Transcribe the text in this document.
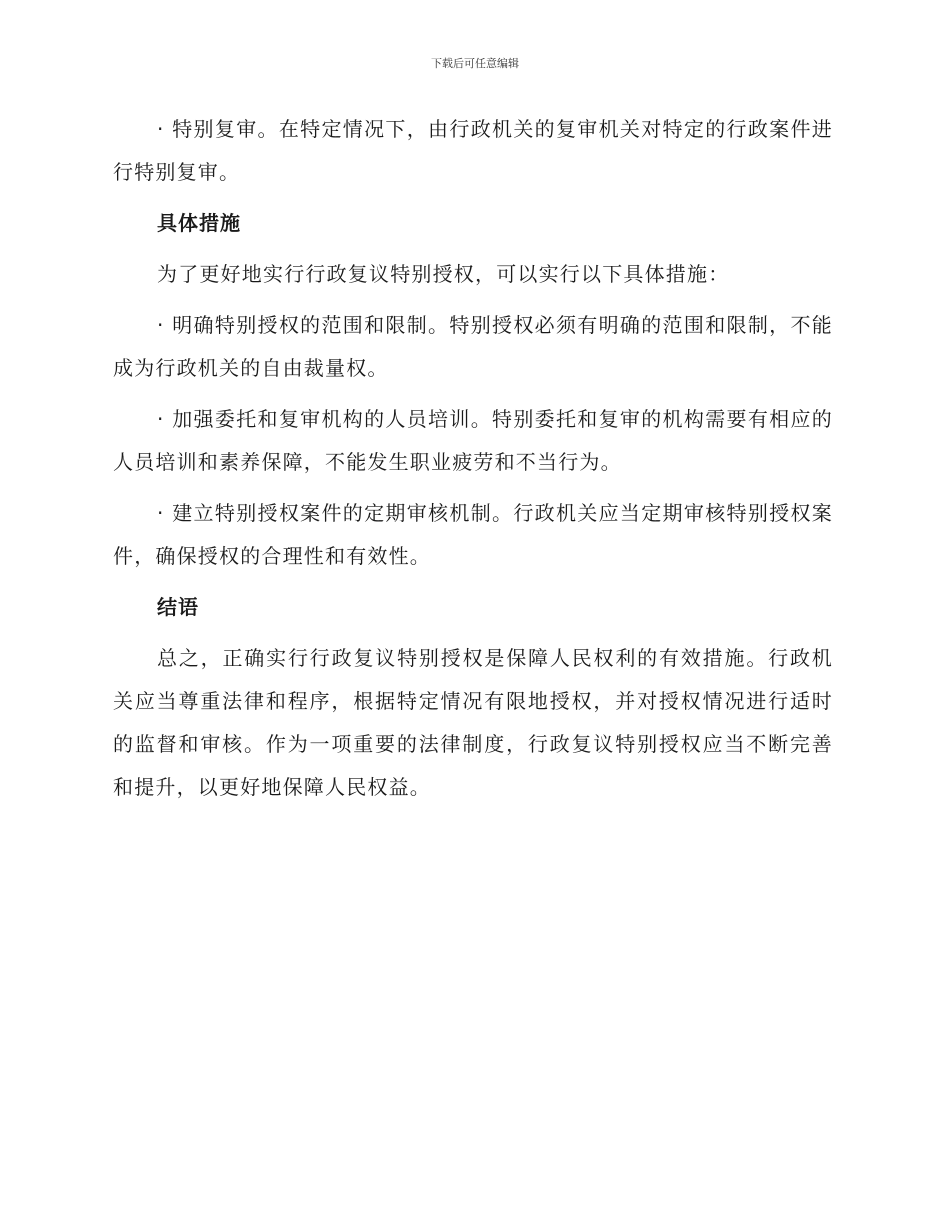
下载后可任意编辑

· 特别复审。在特定情况下，由行政机关的复审机关对特定的行政案件进行特别复审。

具体措施

为了更好地实行行政复议特别授权，可以实行以下具体措施：

· 明确特别授权的范围和限制。特别授权必须有明确的范围和限制，不能成为行政机关的自由裁量权。

· 加强委托和复审机构的人员培训。特别委托和复审的机构需要有相应的人员培训和素养保障，不能发生职业疲劳和不当行为。

· 建立特别授权案件的定期审核机制。行政机关应当定期审核特别授权案件，确保授权的合理性和有效性。

结语

总之，正确实行行政复议特别授权是保障人民权利的有效措施。行政机关应当尊重法律和程序，根据特定情况有限地授权，并对授权情况进行适时的监督和审核。作为一项重要的法律制度，行政复议特别授权应当不断完善和提升，以更好地保障人民权益。
